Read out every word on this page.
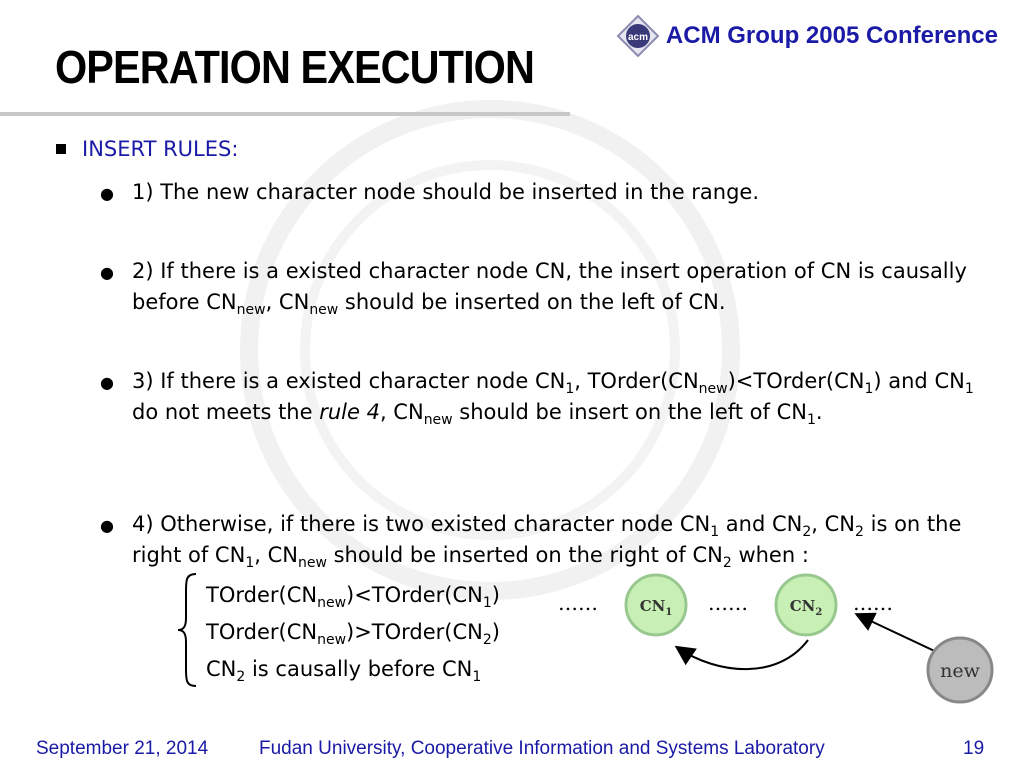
acm ACM Group 2005 Conference
OPERATION EXECUTION
INSERT RULES:
● 1) The new character node should be inserted in the range.
● 2) If there is a existed character node CN, the insert operation of CN is causally before $CN_{new}$, $CN_{new}$ should be inserted on the left of CN.
● 3) If there is a existed character node $CN_1$, $TOrder(CN_{new})<TOrder(CN_1)$ and $CN_1$ do not meets the rule 4, $CN_{new}$ should be insert on the left of $CN_1$.
● 4) Otherwise, if there is two existed character node $CN_1$ and $CN_2$, $CN_2$ is on the right of $CN_1$, $CN_{new}$ should be inserted on the right of $CN_2$ when :
$TOrder(CN_{new})<TOrder(CN_1)$
$TOrder(CN_{new})>TOrder(CN_2)$
$CN_2$ is causally before $CN_1$
……	$CN_1$ ……	$CN_2$ ……
new
September 21, 2014	Fudan University, Cooperative Information and Systems Laboratory	19
